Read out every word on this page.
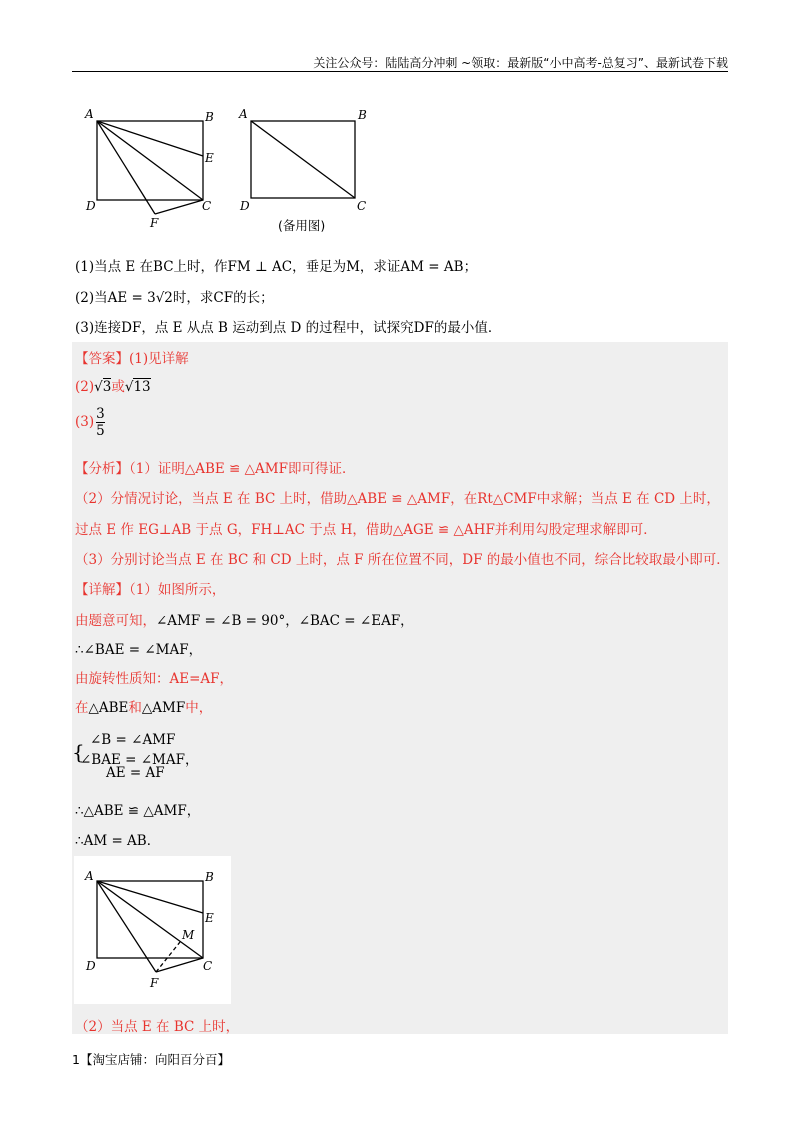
关注公众号：陆陆高分冲刺 ~领取：最新版“小中高考-总复习”、最新试卷下载
A	B
E
D	C
F
A	B
D	C
(备用图)
(1)当点 E 在BC上时，作FM ⊥ AC，垂足为M，求证AM = AB；
(2)当AE = 3√2时，求CF的长；
(3)连接DF，点 E 从点 B 运动到点 D 的过程中，试探究DF的最小值．
【答案】(1)见详解
(2)√3或√13
$(3) \frac{3}{5}$
【分析】（1）证明△ABE ≌ △AMF即可得证．
（2）分情况讨论，当点 E 在 BC 上时，借助△ABE ≌ △AMF，在Rt△CMF中求解；当点 E 在 CD 上时，
过点 E 作 EG⊥AB 于点 G，FH⊥AC 于点 H，借助△AGE ≌ △AHF并利用勾股定理求解即可．
（3）分别讨论当点 E 在 BC 和 CD 上时，点 F 所在位置不同，DF 的最小值也不同，综合比较取最小即可．
【详解】（1）如图所示，
由题意可知，∠AMF = ∠B = 90°，∠BAC = ∠EAF，
∴∠BAE = ∠MAF，
由旋转性质知：AE=AF，
在△ABE和△AMF中，
{ ∠B = ∠AMF
∠BAE = ∠MAF，
AE = AF
∴△ABE ≌ △AMF，
∴AM = AB．
A	B
E
M
D	C
F
（2）当点 E 在 BC 上时，
1【淘宝店铺：向阳百分百】
